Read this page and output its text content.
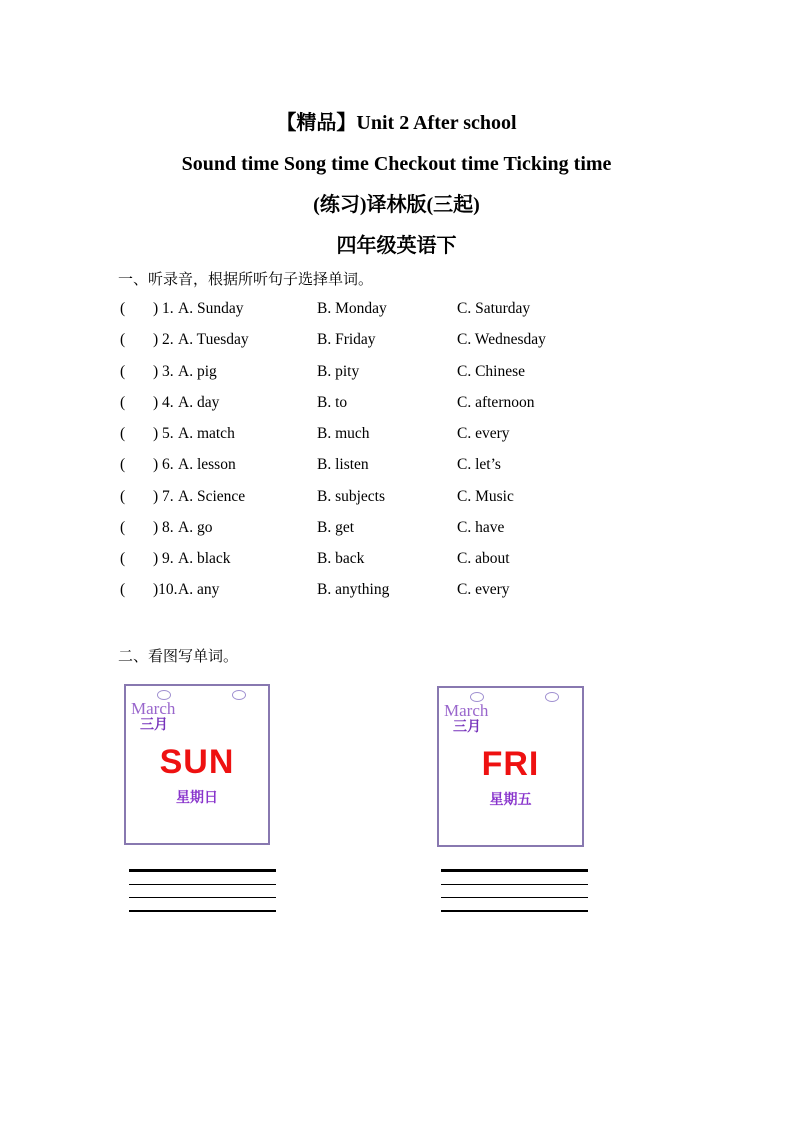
【精品】Unit 2 After school
Sound time Song time Checkout time Ticking time
(练习)译林版(三起)
四年级英语下
一、听录音，根据所听句子选择单词。
(	) 1. A. Sunday	B. Monday	C. Saturday
(	) 2. A. Tuesday	B. Friday	C. Wednesday
(	) 3. A. pig	B. pity	C. Chinese
(	) 4. A. day	B. to	C. afternoon
(	) 5. A. match	B. much	C. every
(	) 6. A. lesson	B. listen	C. let’s
(	) 7. A. Science	B. subjects	C. Music
(	) 8. A. go	B. get	C. have
(	) 9. A. black	B. back	C. about
(	)10. A. any	B. anything	C. every
二、看图写单词。
March
三月
SUN
星期日
March
三月
FRI
星期五
